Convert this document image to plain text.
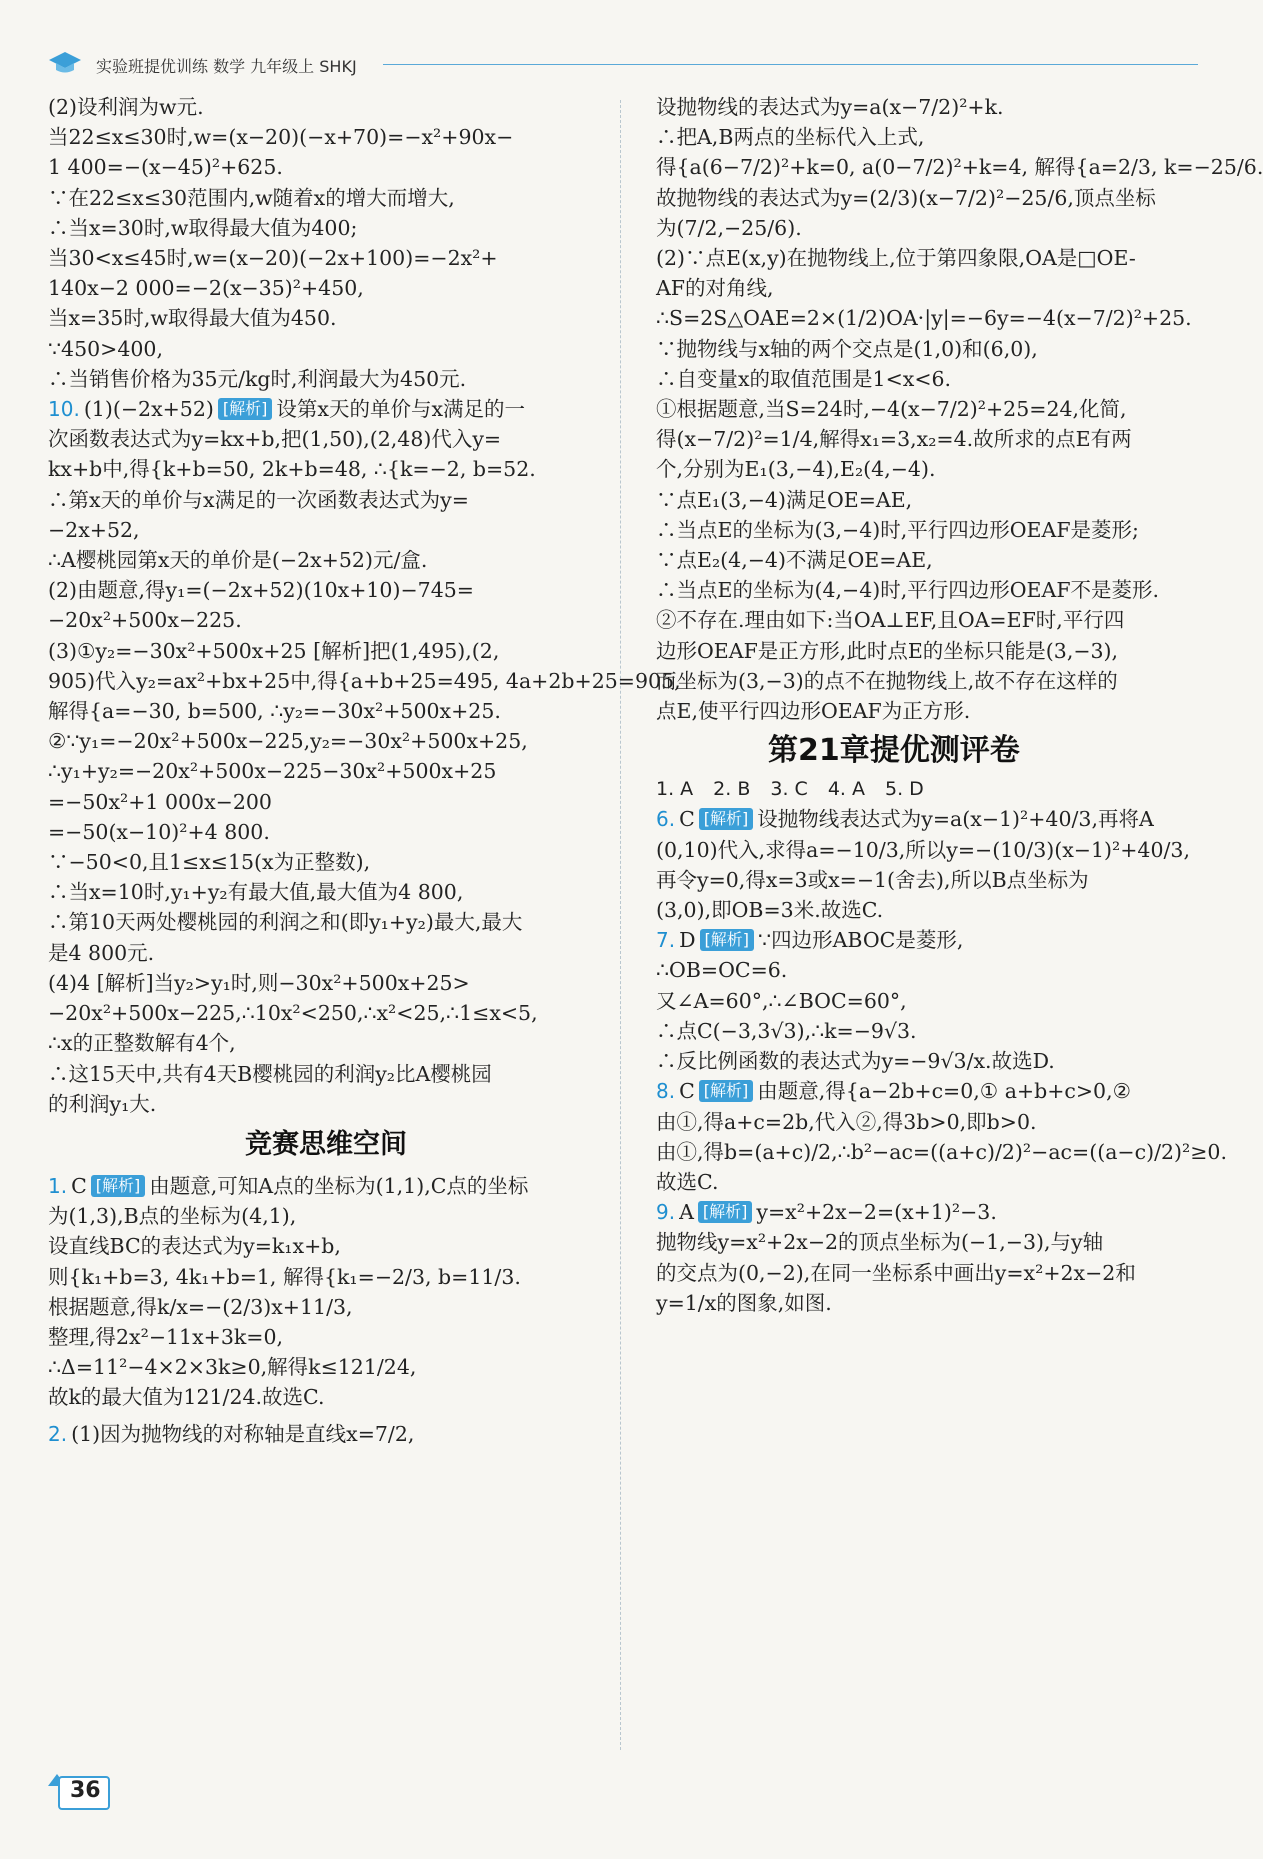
实验班提优训练 数学 九年级上 SHKJ
(2)设利润为w元.
当22≤x≤30时,w=(x−20)(−x+70)=−x²+90x−
1 400=−(x−45)²+625.
∵在22≤x≤30范围内,w随着x的增大而增大,
∴当x=30时,w取得最大值为400;
当30<x≤45时,w=(x−20)(−2x+100)=−2x²+
140x−2 000=−2(x−35)²+450,
当x=35时,w取得最大值为450.
∵450>400,
∴当销售价格为35元/kg时,利润最大为450元.
10. (1)(−2x+52) [解析] 设第x天的单价与x满足的一
次函数表达式为y=kx+b,把(1,50),(2,48)代入y=
kx+b中,得{k+b=50, 2k+b=48, ∴{k=−2, b=52.
∴第x天的单价与x满足的一次函数表达式为y=
−2x+52,
∴A樱桃园第x天的单价是(−2x+52)元/盒.
(2)由题意,得y₁=(−2x+52)(10x+10)−745=
−20x²+500x−225.
(3)①y₂=−30x²+500x+25 [解析]把(1,495),(2,
905)代入y₂=ax²+bx+25中,得{a+b+25=495, 4a+2b+25=905,
解得{a=−30, b=500, ∴y₂=−30x²+500x+25.
②∵y₁=−20x²+500x−225,y₂=−30x²+500x+25,
∴y₁+y₂=−20x²+500x−225−30x²+500x+25
=−50x²+1 000x−200
=−50(x−10)²+4 800.
∵−50<0,且1≤x≤15(x为正整数),
∴当x=10时,y₁+y₂有最大值,最大值为4 800,
∴第10天两处樱桃园的利润之和(即y₁+y₂)最大,最大
是4 800元.
(4)4 [解析]当y₂>y₁时,则−30x²+500x+25>
−20x²+500x−225,∴10x²<250,∴x²<25,∴1≤x<5,
∴x的正整数解有4个,
∴这15天中,共有4天B樱桃园的利润y₂比A樱桃园
的利润y₁大.
竞赛思维空间
1. C [解析] 由题意,可知A点的坐标为(1,1),C点的坐标
为(1,3),B点的坐标为(4,1),
设直线BC的表达式为y=k₁x+b,
则{k₁+b=3, 4k₁+b=1, 解得{k₁=−2/3, b=11/3.
根据题意,得k/x=−(2/3)x+11/3,
整理,得2x²−11x+3k=0,
∴Δ=11²−4×2×3k≥0,解得k≤121/24,
故k的最大值为121/24.故选C.
2. (1)因为抛物线的对称轴是直线x=7/2,
设抛物线的表达式为y=a(x−7/2)²+k.
∴把A,B两点的坐标代入上式,
得{a(6−7/2)²+k=0, a(0−7/2)²+k=4, 解得{a=2/3, k=−25/6.
故抛物线的表达式为y=(2/3)(x−7/2)²−25/6,顶点坐标
为(7/2,−25/6).
(2)∵点E(x,y)在抛物线上,位于第四象限,OA是□OE-
AF的对角线,
∴S=2S△OAE=2×(1/2)OA·|y|=−6y=−4(x−7/2)²+25.
∵抛物线与x轴的两个交点是(1,0)和(6,0),
∴自变量x的取值范围是1<x<6.
①根据题意,当S=24时,−4(x−7/2)²+25=24,化简,
得(x−7/2)²=1/4,解得x₁=3,x₂=4.故所求的点E有两
个,分别为E₁(3,−4),E₂(4,−4).
∵点E₁(3,−4)满足OE=AE,
∴当点E的坐标为(3,−4)时,平行四边形OEAF是菱形;
∵点E₂(4,−4)不满足OE=AE,
∴当点E的坐标为(4,−4)时,平行四边形OEAF不是菱形.
②不存在.理由如下:当OA⊥EF,且OA=EF时,平行四
边形OEAF是正方形,此时点E的坐标只能是(3,−3),
而坐标为(3,−3)的点不在抛物线上,故不存在这样的
点E,使平行四边形OEAF为正方形.
第21章提优测评卷
1. A 2. B 3. C 4. A 5. D
6. C [解析] 设抛物线表达式为y=a(x−1)²+40/3,再将A
(0,10)代入,求得a=−10/3,所以y=−(10/3)(x−1)²+40/3,
再令y=0,得x=3或x=−1(舍去),所以B点坐标为
(3,0),即OB=3米.故选C.
7. D [解析] ∵四边形ABOC是菱形,
∴OB=OC=6.
又∠A=60°,∴∠BOC=60°,
∴点C(−3,3√3),∴k=−9√3.
∴反比例函数的表达式为y=−9√3/x.故选D.
8. C [解析] 由题意,得{a−2b+c=0,① a+b+c>0,②
由①,得a+c=2b,代入②,得3b>0,即b>0.
由①,得b=(a+c)/2,∴b²−ac=((a+c)/2)²−ac=((a−c)/2)²≥0.
故选C.
9. A [解析] y=x²+2x−2=(x+1)²−3.
抛物线y=x²+2x−2的顶点坐标为(−1,−3),与y轴
的交点为(0,−2),在同一坐标系中画出y=x²+2x−2和
y=1/x的图象,如图.
36
